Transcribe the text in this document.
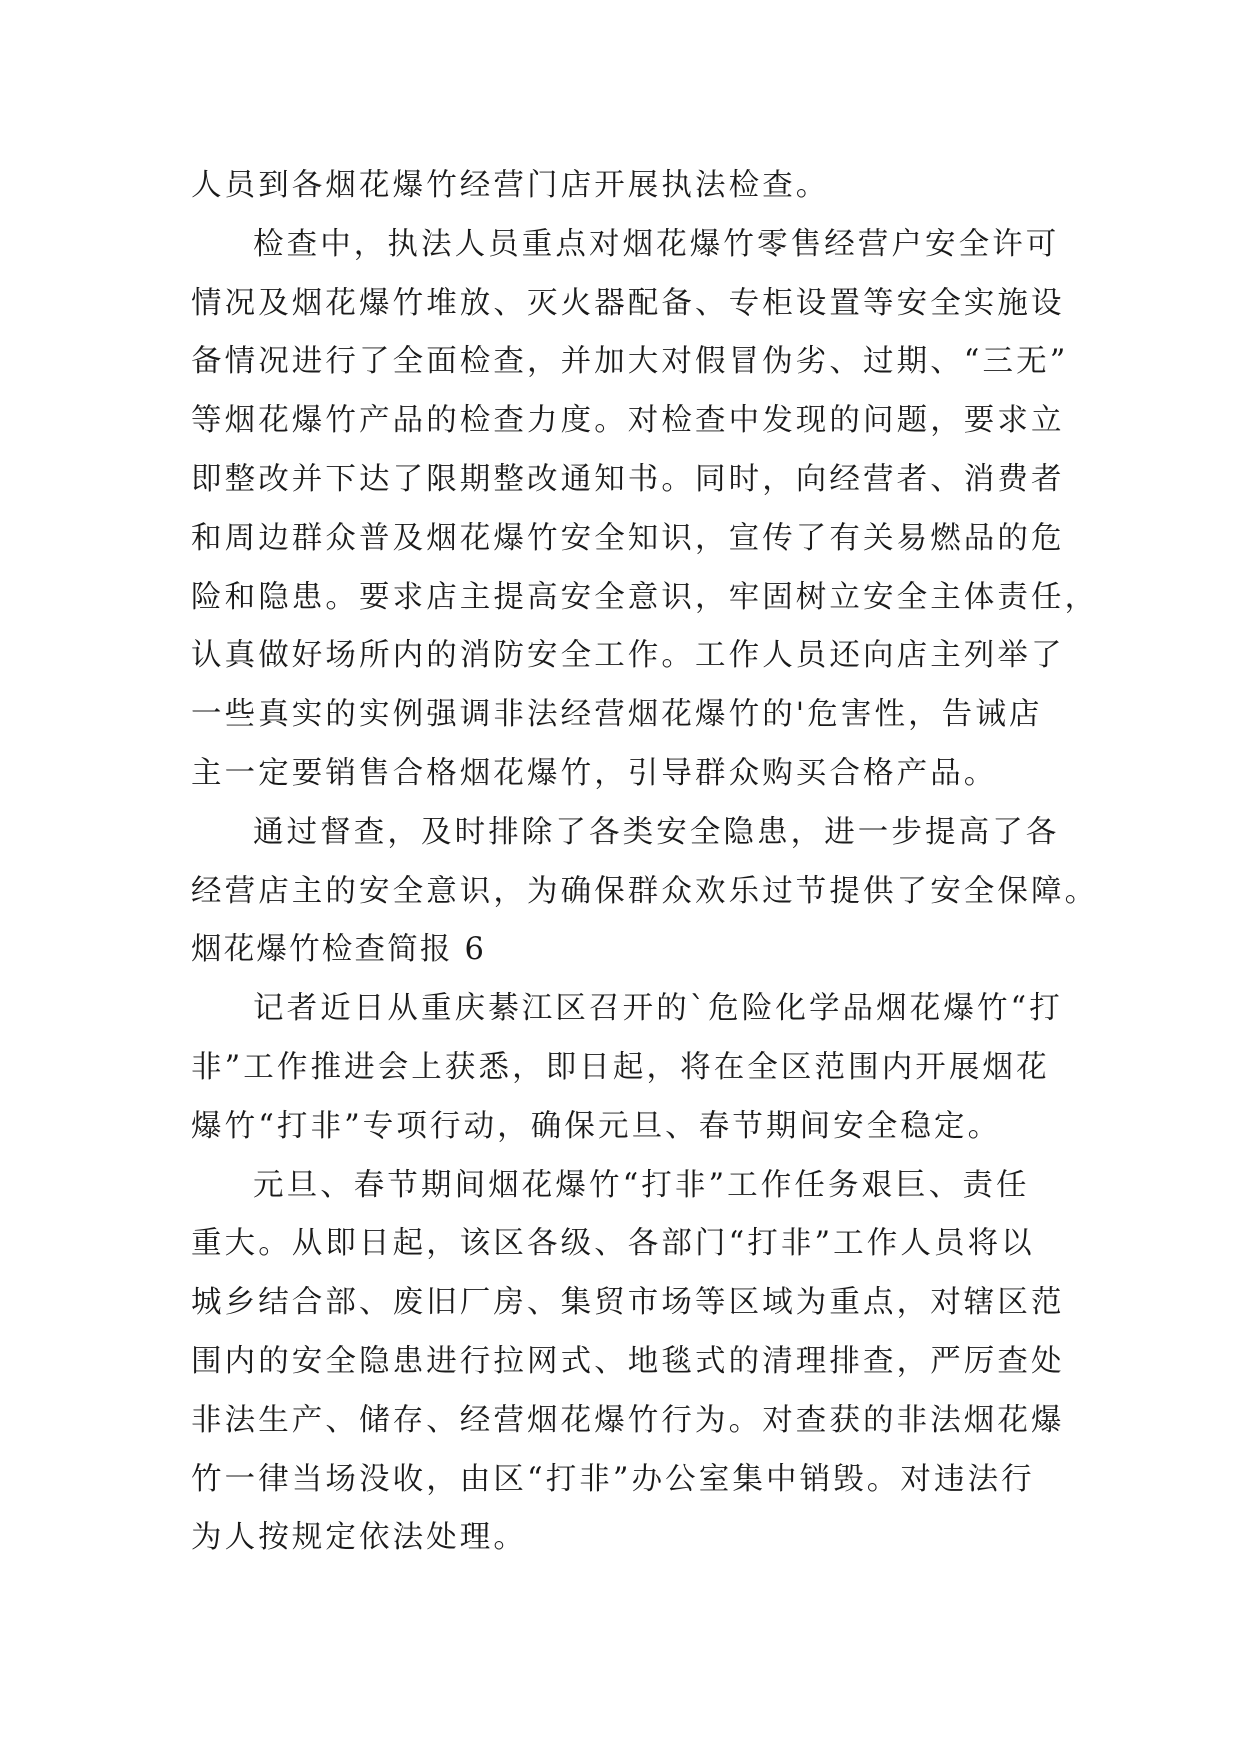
人员到各烟花爆竹经营门店开展执法检查。
检查中，执法人员重点对烟花爆竹零售经营户安全许可
情况及烟花爆竹堆放、灭火器配备、专柜设置等安全实施设
备情况进行了全面检查，并加大对假冒伪劣、过期、“三无”
等烟花爆竹产品的检查力度。对检查中发现的问题，要求立
即整改并下达了限期整改通知书。同时，向经营者、消费者
和周边群众普及烟花爆竹安全知识，宣传了有关易燃品的危
险和隐患。要求店主提高安全意识，牢固树立安全主体责任，
认真做好场所内的消防安全工作。工作人员还向店主列举了
一些真实的实例强调非法经营烟花爆竹的'危害性，告诫店
主一定要销售合格烟花爆竹，引导群众购买合格产品。
通过督查，及时排除了各类安全隐患，进一步提高了各
经营店主的安全意识，为确保群众欢乐过节提供了安全保障。
烟花爆竹检查简报 6
记者近日从重庆綦江区召开的`危险化学品烟花爆竹“打
非”工作推进会上获悉，即日起，将在全区范围内开展烟花
爆竹“打非”专项行动，确保元旦、春节期间安全稳定。
元旦、春节期间烟花爆竹“打非”工作任务艰巨、责任
重大。从即日起，该区各级、各部门“打非”工作人员将以
城乡结合部、废旧厂房、集贸市场等区域为重点，对辖区范
围内的安全隐患进行拉网式、地毯式的清理排查，严厉查处
非法生产、储存、经营烟花爆竹行为。对查获的非法烟花爆
竹一律当场没收，由区“打非”办公室集中销毁。对违法行
为人按规定依法处理。
